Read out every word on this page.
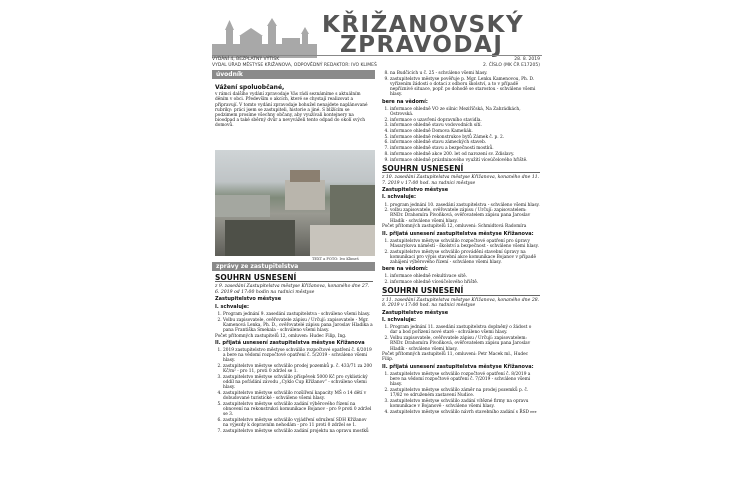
KŘIŽANOVSKÝ
ZPRAVODAJ
VYDÁNÍ 4, BEZPLATNÝ VÝTISK
VYDAL ÚŘAD MĚSTYSE KŘIŽANOVA, ODPOVĚDNÝ REDAKTOR: IVO KLIMEŠ
28. 8. 2019
2. ČÍSLO (MK ČR E17205)
úvodník
Vážení spoluobčané,

v rámci dalšího vydání zpravodaje Vás rádi seznámíme s aktuálním děním v obci. Především o akcích, které se chystají realizovat a připravují. V tomto vydání zpravodaje bohužel nenajdete naplánované rubriky: práci jsem se zastupiteli, historie a jiné. S blížícím se podzimem prosíme všechny občany, aby využívali kontejnery na bioodpad a také sběrný dvůr a nevyváželi tento odpad do okolí svých domovů.

TEXT a FOTO: Ivo Klimeš
zprávy ze zastupitelstva
SOUHRN USNESENÍ

z 9. zasedání Zastupitelstva městyse Křižanova, konaného dne 27. 6. 2019 od 17:00 hodin na radnici městyse

Zastupitelstvo městyse
I. schvaluje:
1. Program jednání 9. zasedání zastupitelstva - schváleno všemi hlasy.
2. Volbu zapisovatele, ověřovatele zápisu / Určují: zapisovatele - Mgr. Kamenová Lenka, Ph. D., ověřovatelé zápisu pana Jaroslav Hladíka a pana Františka Smekala - schváleno všemi hlasy.

Počet přítomných zastupitelů 12, omluven: Hudec Filip, Ing.

II. přijatá usnesení zastupitelstva městyse Křižanova
1. 2019 zastupitelstvo městyse schválilo rozpočtové opatření č. 6/2019 a bere na vědomí rozpočtové opatření č. 5/2019 - schváleno všemi hlasy.
2. zastupitelstvo městyse schválilo prodej pozemků p. č. 433/71 za 200 Kč/m² - pro 11, proti 0 zdržel se 1.
3. zastupitelstvo městyse schválilo příspěvek 5000 Kč pro cyklistický oddíl na pořádání závodu „Cyklo Cup Křižanov“ - schváleno všemi hlasy.
4. zastupitelstvo městyse schválilo rozšíření kapacity MŠ o 14 dětí v dobudované turistické - schváleno všemi hlasy.
5. zastupitelstvo městyse schválilo zadání výběrového řízení na obnovení na rekonstrukci komunikace Bojanov - pro 9 proti 0 zdržel se 3.
6. zastupitelstvo městyse schválilo vyjádření sdružení SDH Křižanov na výjezdy k dopravním nehodám - pro 11 proti 0 zdržel se 1.
7. zastupitelstvo městyse schválilo zadání projektu na opravu mostků
8. na Budčicích u č. 25 - schváleno všemi hlasy.
9. zastupitelstvo městyse pověřuje p. Mgr. Lenku Kamenovou, Ph. D. vyřízením žádosti o dotaci z odboru školství, a to v případě nepříznivé situace, popř. po dohodě se starostou - schváleno všemi hlasy.
bere na vědomí:
1. informace ohledně VO ze silnic Meziříčská, Na Zahrádkách, Ostrovská.
2. informace o uzavření dopravního stavidla.
3. informace ohledně stavu vodovodních sítí.
4. informace ohledně Domova Kameňák.
5. informace ohledně rekonstrukce bytů Zámek č. p. 2.
6. informace ohledně stavu zámeckých staveb.
7. informace ohledně stavu a bezpečnosti mostků.
8. informace ohledně akce 200. let od narození sv. Zdislavy.
9. informace ohledně prázdninového využití víceúčelového hřiště.
SOUHRN USNESENÍ

z 10. zasedání Zastupitelstva městyse Křižanova, konaného dne 11. 7. 2019 v 17:00 hod. na radnici městyse

Zastupitelstvo městyse
I. schvaluje:
1. program jednání 10. zasedání zastupitelstva - schváleno všemi hlasy.
2. volbu zapisovatele, ověřovatele zápisu / Určují: zapisovatelem: RNDr. Drahomíra Pivoňková, ověřovatelem zápisu pana Jaroslav Hladík - schváleno všemi hlasy.

Počet přítomných zastupitelů 12, omluveni: Schmidtová Radomíra

II. přijatá usnesení zastupitelstva městyse Křižanova:
1. zastupitelstvo městyse schválilo rozpočtové opatření pro úpravy Masarykova náměstí - školství a bezpečnost - schváleno všemi hlasy.
2. zastupitelstvo městyse schválilo provádění stavební úpravy na komunikaci pro výpis stavební akce komunikace Bojanov v případě zahájení výběrového řízení - schváleno všemi hlasy.
bere na vědomí:
1. informace ohledně rekultivace sítě.
2. informace ohledně víceúčelového hřiště.
SOUHRN USNESENÍ

z 11. zasedání Zastupitelstva městyse Křižanova, konaného dne 28. 8. 2019 v 17:00 hod. na radnici městyse

Zastupitelstvo městyse
I. schvaluje:
1. Program jednání 11. zasedání zastupitelstva doplněný o žádost o dar a bod pořízení nové staré - schváleno všemi hlasy.
2. Volbu zapisovatele, ověřovatele zápisu / Určují: zapisovatelem: RNDr. Drahomíra Pivoňková, ověřovatelem zápisu pana Jaroslav Hladík - schváleno všemi hlasy.

Počet přítomných zastupitelů 11, omluveni: Petr Macek ml., Hudec Filip.

II. přijatá usnesení zastupitelstva městyse Křižanova:
1. zastupitelstvo městyse schválilo rozpočtové opatření č. 8/2019 a bere na vědomí rozpočtové opatření č. 7/2019 - schváleno všemi hlasy.
2. zastupitelstvo městyse schválilo záměr na prodej pozemků p. č. 17/82 ve sdruženém zastavení Nudice.
3. zastupitelstvo městyse schválilo zadání vítězné firmy na opravu komunikace v Bojanově - schváleno všemi hlasy.
4. zastupitelstvo městyse schválilo návrh stavebního zadání s ŘSD ▸▸▸
